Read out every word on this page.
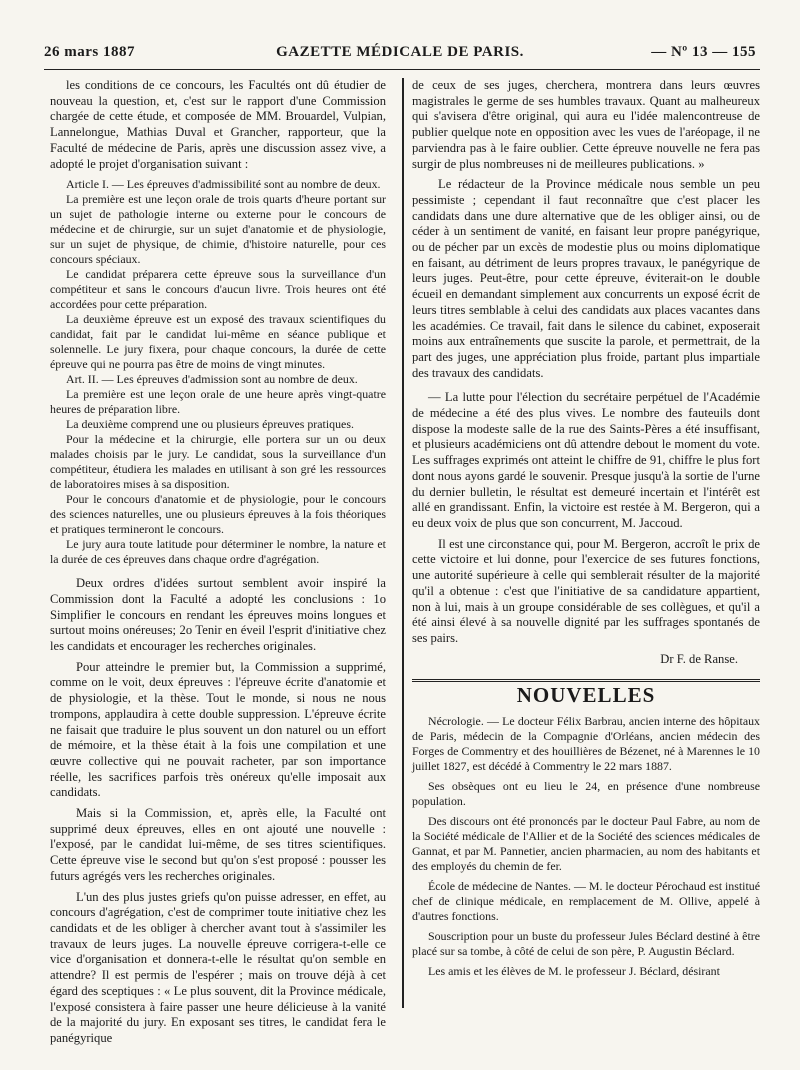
26 mars 1887	GAZETTE MÉDICALE DE PARIS.	— Nº 13 — 155

les conditions de ce concours, les Facultés ont dû étudier de nouveau la question, et, c'est sur le rapport d'une Commission chargée de cette étude, et composée de MM. Brouardel, Vulpian, Lannelongue, Mathias Duval et Grancher, rapporteur, que la Faculté de médecine de Paris, après une discussion assez vive, a adopté le projet d'organisation suivant :

Article I. — Les épreuves d'admissibilité sont au nombre de deux.

La première est une leçon orale de trois quarts d'heure portant sur un sujet de pathologie interne ou externe pour le concours de médecine et de chirurgie, sur un sujet d'anatomie et de physiologie, sur un sujet de physique, de chimie, d'histoire naturelle, pour ces concours spéciaux.

Le candidat préparera cette épreuve sous la surveillance d'un compétiteur et sans le concours d'aucun livre. Trois heures ont été accordées pour cette préparation.

La deuxième épreuve est un exposé des travaux scientifiques du candidat, fait par le candidat lui-même en séance publique et solennelle. Le jury fixera, pour chaque concours, la durée de cette épreuve qui ne pourra pas être de moins de vingt minutes.

Art. II. — Les épreuves d'admission sont au nombre de deux.

La première est une leçon orale de une heure après vingt-quatre heures de préparation libre.

La deuxième comprend une ou plusieurs épreuves pratiques.

Pour la médecine et la chirurgie, elle portera sur un ou deux malades choisis par le jury. Le candidat, sous la surveillance d'un compétiteur, étudiera les malades en utilisant à son gré les ressources de laboratoires mises à sa disposition.

Pour le concours d'anatomie et de physiologie, pour le concours des sciences naturelles, une ou plusieurs épreuves à la fois théoriques et pratiques termineront le concours.

Le jury aura toute latitude pour déterminer le nombre, la nature et la durée de ces épreuves dans chaque ordre d'agrégation.

Deux ordres d'idées surtout semblent avoir inspiré la Commission dont la Faculté a adopté les conclusions : 1o Simplifier le concours en rendant les épreuves moins longues et surtout moins onéreuses; 2o Tenir en éveil l'esprit d'initiative chez les candidats et encourager les recherches originales.

Pour atteindre le premier but, la Commission a supprimé, comme on le voit, deux épreuves : l'épreuve écrite d'anatomie et de physiologie, et la thèse. Tout le monde, si nous ne nous trompons, applaudira à cette double suppression. L'épreuve écrite ne faisait que traduire le plus souvent un don naturel ou un effort de mémoire, et la thèse était à la fois une compilation et une œuvre collective qui ne pouvait racheter, par son importance réelle, les sacrifices parfois très onéreux qu'elle imposait aux candidats.

Mais si la Commission, et, après elle, la Faculté ont supprimé deux épreuves, elles en ont ajouté une nouvelle : l'exposé, par le candidat lui-même, de ses titres scientifiques. Cette épreuve vise le second but qu'on s'est proposé : pousser les futurs agrégés vers les recherches originales.

L'un des plus justes griefs qu'on puisse adresser, en effet, au concours d'agrégation, c'est de comprimer toute initiative chez les candidats et de les obliger à chercher avant tout à s'assimiler les travaux de leurs juges. La nouvelle épreuve corrigera-t-elle ce vice d'organisation et donnera-t-elle le résultat qu'on semble en attendre? Il est permis de l'espérer ; mais on trouve déjà à cet égard des sceptiques : « Le plus souvent, dit la Province médicale, l'exposé consistera à faire passer une heure délicieuse à la vanité de la majorité du jury. En exposant ses titres, le candidat fera le panégyrique

de ceux de ses juges, cherchera, montrera dans leurs œuvres magistrales le germe de ses humbles travaux. Quant au malheureux qui s'avisera d'être original, qui aura eu l'idée malencontreuse de publier quelque note en opposition avec les vues de l'aréopage, il ne parviendra pas à le faire oublier. Cette épreuve nouvelle ne fera pas surgir de plus nombreuses ni de meilleures publications. »

Le rédacteur de la Province médicale nous semble un peu pessimiste ; cependant il faut reconnaître que c'est placer les candidats dans une dure alternative que de les obliger ainsi, ou de céder à un sentiment de vanité, en faisant leur propre panégyrique, ou de pécher par un excès de modestie plus ou moins diplomatique en faisant, au détriment de leurs propres travaux, le panégyrique de leurs juges. Peut-être, pour cette épreuve, éviterait-on le double écueil en demandant simplement aux concurrents un exposé écrit de leurs titres semblable à celui des candidats aux places vacantes dans les académies. Ce travail, fait dans le silence du cabinet, exposerait moins aux entraînements que suscite la parole, et permettrait, de la part des juges, une appréciation plus froide, partant plus impartiale des travaux des candidats.

— La lutte pour l'élection du secrétaire perpétuel de l'Académie de médecine a été des plus vives. Le nombre des fauteuils dont dispose la modeste salle de la rue des Saints-Pères a été insuffisant, et plusieurs académiciens ont dû attendre debout le moment du vote. Les suffrages exprimés ont atteint le chiffre de 91, chiffre le plus fort dont nous ayons gardé le souvenir. Presque jusqu'à la sortie de l'urne du dernier bulletin, le résultat est demeuré incertain et l'intérêt est allé en grandissant. Enfin, la victoire est restée à M. Bergeron, qui a eu deux voix de plus que son concurrent, M. Jaccoud.

Il est une circonstance qui, pour M. Bergeron, accroît le prix de cette victoire et lui donne, pour l'exercice de ses futures fonctions, une autorité supérieure à celle qui semblerait résulter de la majorité qu'il a obtenue : c'est que l'initiative de sa candidature appartient, non à lui, mais à un groupe considérable de ses collègues, et qu'il a été ainsi élevé à sa nouvelle dignité par les suffrages spontanés de ses pairs.

Dr F. de Ranse.

NOUVELLES

Nécrologie. — Le docteur Félix Barbrau, ancien interne des hôpitaux de Paris, médecin de la Compagnie d'Orléans, ancien médecin des Forges de Commentry et des houillières de Bézenet, né à Marennes le 10 juillet 1827, est décédé à Commentry le 22 mars 1887.

Ses obsèques ont eu lieu le 24, en présence d'une nombreuse population.

Des discours ont été prononcés par le docteur Paul Fabre, au nom de la Société médicale de l'Allier et de la Société des sciences médicales de Gannat, et par M. Pannetier, ancien pharmacien, au nom des habitants et des employés du chemin de fer.

École de médecine de Nantes. — M. le docteur Pérochaud est institué chef de clinique médicale, en remplacement de M. Ollive, appelé à d'autres fonctions.

Souscription pour un buste du professeur Jules Béclard destiné à être placé sur sa tombe, à côté de celui de son père, P. Augustin Béclard.

Les amis et les élèves de M. le professeur J. Béclard, désirant
